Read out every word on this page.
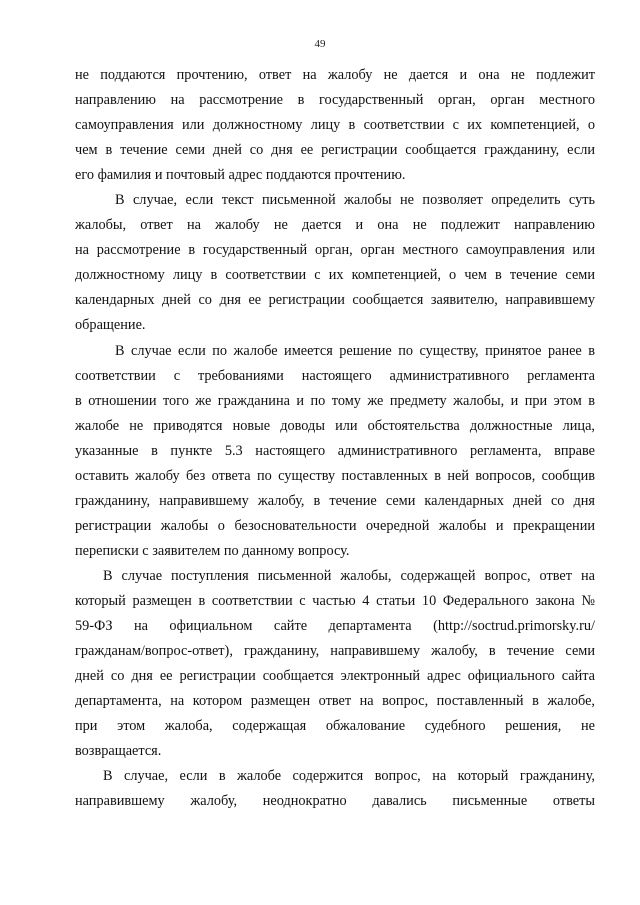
49
не поддаются прочтению, ответ на жалобу не дается и она не подлежит
направлению на рассмотрение в государственный орган, орган местного
самоуправления или должностному лицу в соответствии с их компетенцией, о
чем в течение семи дней со дня ее регистрации сообщается гражданину, если
его фамилия и почтовый адрес поддаются прочтению.
В случае, если текст письменной жалобы не позволяет определить суть
жалобы, ответ на жалобу не дается и она не подлежит направлению
на рассмотрение в государственный орган, орган местного самоуправления или
должностному лицу в соответствии с их компетенцией, о чем в течение семи
календарных дней со дня ее регистрации сообщается заявителю, направившему
обращение.
В случае если по жалобе имеется решение по существу, принятое ранее в
соответствии с требованиями настоящего административного регламента
в отношении того же гражданина и по тому же предмету жалобы, и при этом в
жалобе не приводятся новые доводы или обстоятельства должностные лица,
указанные в пункте 5.3 настоящего административного регламента, вправе
оставить жалобу без ответа по существу поставленных в ней вопросов, сообщив
гражданину, направившему жалобу, в течение семи календарных дней со дня
регистрации жалобы о безосновательности очередной жалобы и прекращении
переписки с заявителем по данному вопросу.
В случае поступления письменной жалобы, содержащей вопрос, ответ на
который размещен в соответствии с частью 4 статьи 10 Федерального закона №
59-ФЗ на официальном сайте департамента (http://soctrud.primorsky.ru/
гражданам/вопрос-ответ), гражданину, направившему жалобу, в течение семи
дней со дня ее регистрации сообщается электронный адрес официального сайта
департамента, на котором размещен ответ на вопрос, поставленный в жалобе,
при этом жалоба, содержащая обжалование судебного решения, не
возвращается.
В случае, если в жалобе содержится вопрос, на который гражданину,
направившему жалобу, неоднократно давались письменные ответы
